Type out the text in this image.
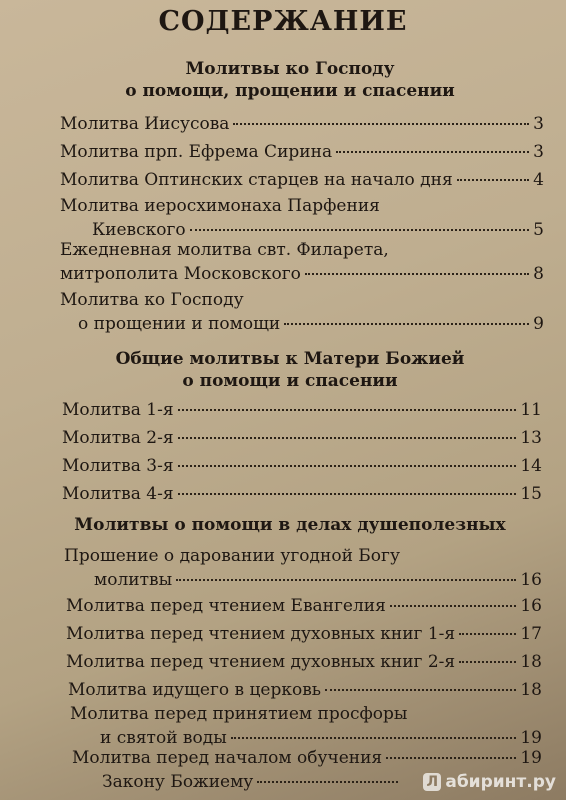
СОДЕРЖАНИЕ
Молитвы ко Господу
о помощи, прощении и спасении
Молитва Иисусова	3
Молитва прп. Ефрема Сирина	3
Молитва Оптинских старцев на начало дня	4
Молитва иеросхимонаха Парфения
Киевского	5
Ежедневная молитва свт. Филарета,
митрополита Московского	8
Молитва ко Господу
о прощении и помощи	9
Общие молитвы к Матери Божией
о помощи и спасении
Молитва 1-я	11
Молитва 2-я	13
Молитва 3-я	14
Молитва 4-я	15
Молитвы о помощи в делах душеполезных
Прошение о даровании угодной Богу
молитвы	16
Молитва перед чтением Евангелия	16
Молитва перед чтением духовных книг 1-я	17
Молитва перед чтением духовных книг 2-я	18
Молитва идущего в церковь	18
Молитва перед принятием просфоры
и святой воды	19
Молитва перед началом обучения	19
Закону Божиему	Л абиринт.ру
